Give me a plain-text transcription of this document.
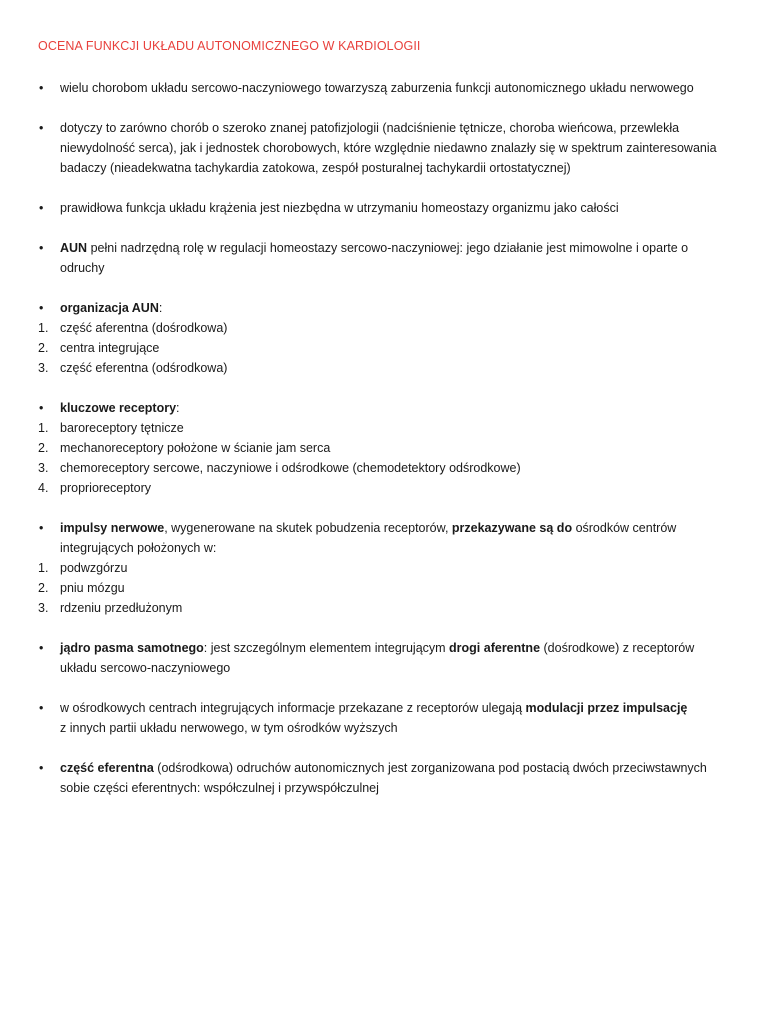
OCENA FUNKCJI UKŁADU AUTONOMICZNEGO W KARDIOLOGII
•	wielu chorobom układu sercowo-naczyniowego towarzyszą zaburzenia funkcji autonomicznego układu nerwowego
•	dotyczy to zarówno chorób o szeroko znanej patofizjologii (nadciśnienie tętnicze, choroba wieńcowa, przewlekła
niewydolność serca), jak i jednostek chorobowych, które względnie niedawno znalazły się w spektrum zainteresowania
badaczy (nieadekwatna tachykardia zatokowa, zespół posturalnej tachykardii ortostatycznej)
•	prawidłowa funkcja układu krążenia jest niezbędna w utrzymaniu homeostazy organizmu jako całości
•	AUN pełni nadrzędną rolę w regulacji homeostazy sercowo-naczyniowej: jego działanie jest mimowolne i oparte o
odruchy
•	organizacja AUN:
1. część aferentna (dośrodkowa)
2. centra integrujące
3. część eferentna (odśrodkowa)
•	kluczowe receptory:
1. baroreceptory tętnicze
2. mechanoreceptory położone w ścianie jam serca
3. chemoreceptory sercowe, naczyniowe i odśrodkowe (chemodetektory odśrodkowe)
4. proprioreceptory
•	impulsy nerwowe, wygenerowane na skutek pobudzenia receptorów, przekazywane są do ośrodków centrów
integrujących położonych w:
1. podwzgórzu
2. pniu mózgu
3. rdzeniu przedłużonym
•	jądro pasma samotnego: jest szczególnym elementem integrującym drogi aferentne (dośrodkowe) z receptorów
układu sercowo-naczyniowego
•	w ośrodkowych centrach integrujących informacje przekazane z receptorów ulegają modulacji przez impulsację
z innych partii układu nerwowego, w tym ośrodków wyższych
•	część eferentna (odśrodkowa) odruchów autonomicznych jest zorganizowana pod postacią dwóch przeciwstawnych
sobie części eferentnych: współczulnej i przywspółczulnej
